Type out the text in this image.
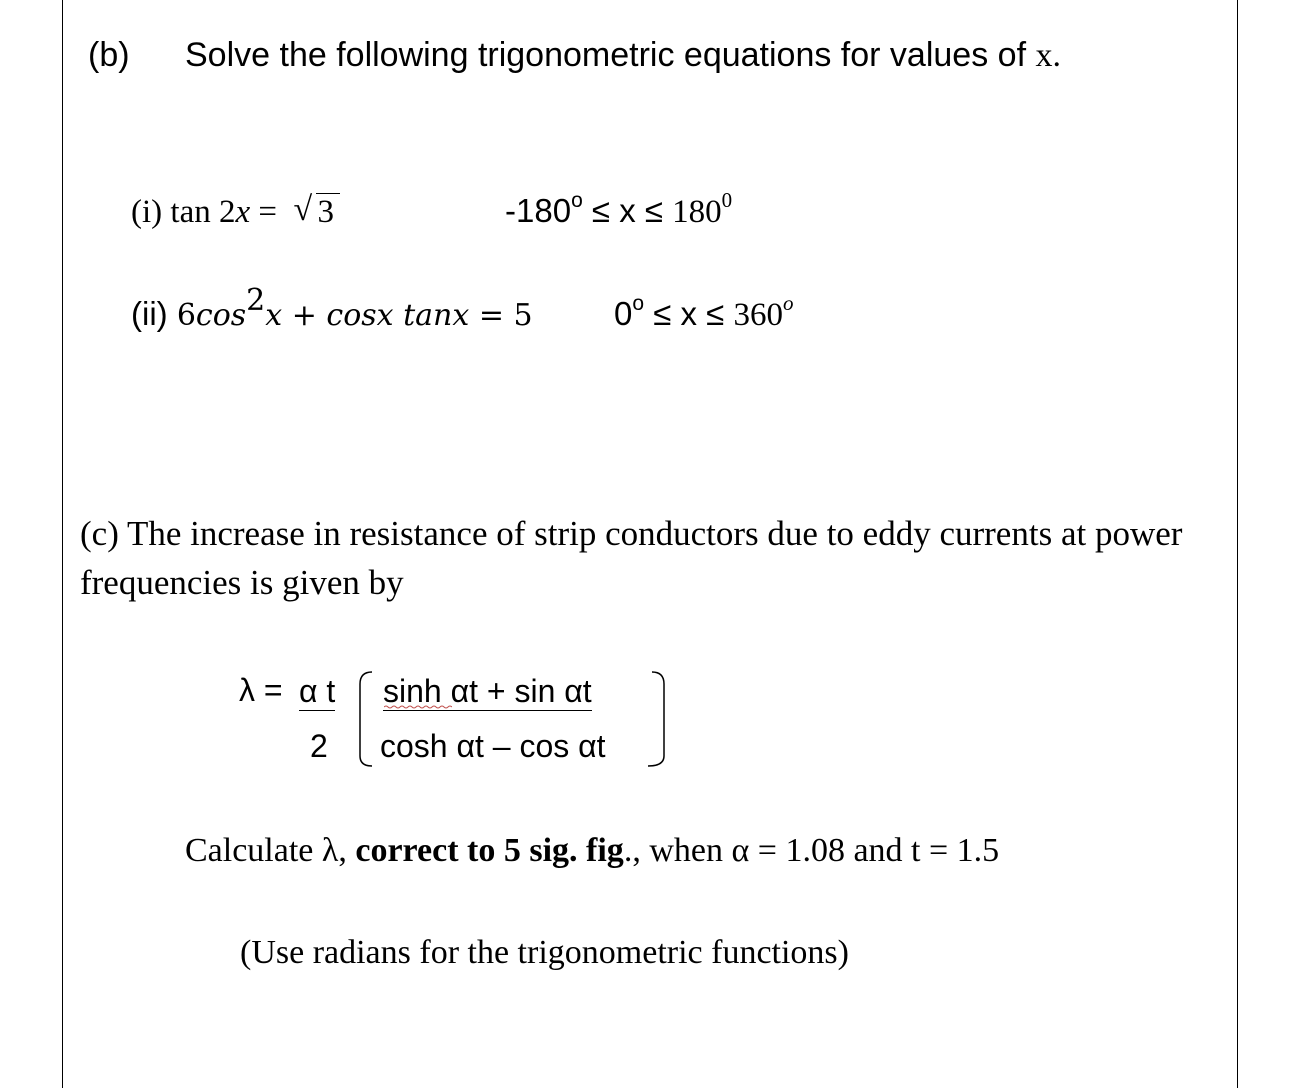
(b) Solve the following trigonometric equations for values of x.
(i) tan 2x = √ 3	$-180^o \le x \le 180^0$
(ii) $6\cos^2x + \cos x$ tanx = 5 $0^o \le x \le 360^o$
(c) The increase in resistance of strip conductors due to eddy currents at power
frequencies is given by
λ = α t
2
sinh αt + sin αt
cosh αt – cos αt
Calculate λ, correct to 5 sig. fig., when α = 1.08 and t = 1.5
(Use radians for the trigonometric functions)
